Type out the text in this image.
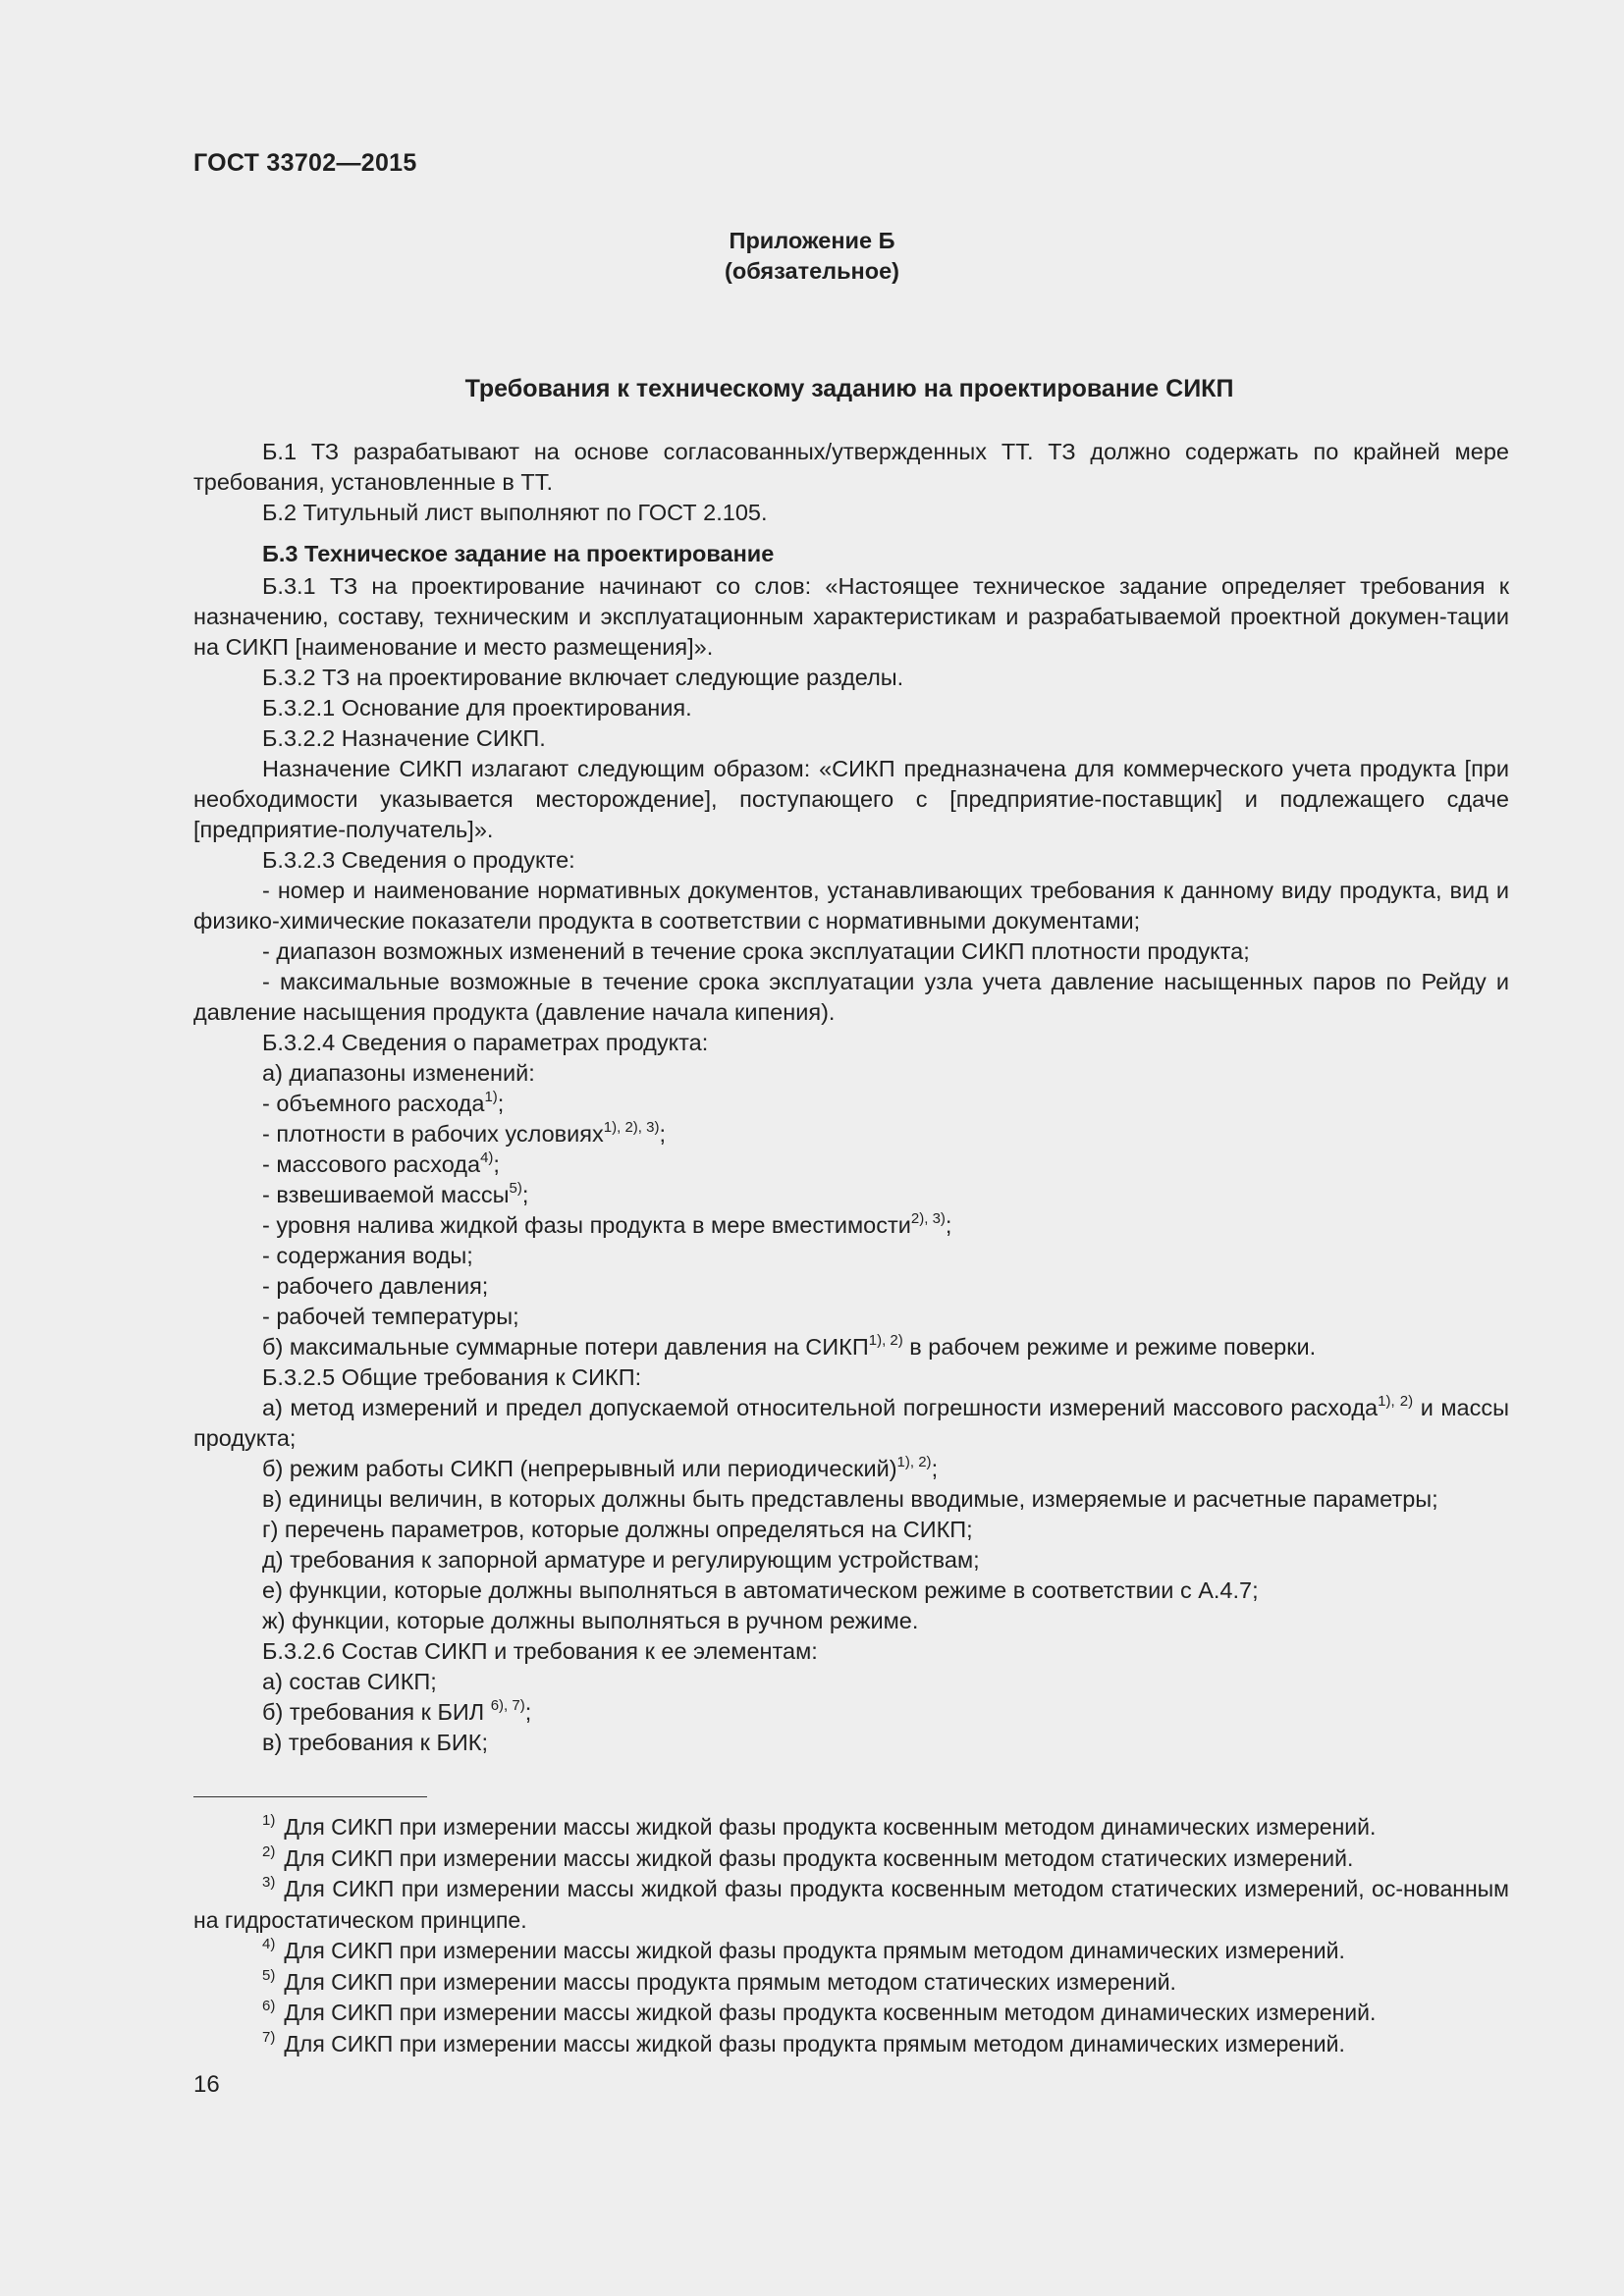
ГОСТ 33702—2015
Приложение Б
(обязательное)
Требования к техническому заданию на проектирование СИКП

Б.1 ТЗ разрабатывают на основе согласованных/утвержденных ТТ. ТЗ должно содержать по крайней мере требования, установленные в ТТ.

Б.2 Титульный лист выполняют по ГОСТ 2.105.

Б.3 Техническое задание на проектирование

Б.3.1 ТЗ на проектирование начинают со слов: «Настоящее техническое задание определяет требования к назначению, составу, техническим и эксплуатационным характеристикам и разрабатываемой проектной докумен-тации на СИКП [наименование и место размещения]».

Б.3.2 ТЗ на проектирование включает следующие разделы.

Б.3.2.1 Основание для проектирования.

Б.3.2.2 Назначение СИКП.

Назначение СИКП излагают следующим образом: «СИКП предназначена для коммерческого учета продукта [при необходимости указывается месторождение], поступающего с [предприятие-поставщик] и подлежащего сдаче [предприятие-получатель]».

Б.3.2.3 Сведения о продукте:

- номер и наименование нормативных документов, устанавливающих требования к данному виду продукта, вид и физико-химические показатели продукта в соответствии с нормативными документами;

- диапазон возможных изменений в течение срока эксплуатации СИКП плотности продукта;

- максимальные возможные в течение срока эксплуатации узла учета давление насыщенных паров по Рейду и давление насыщения продукта (давление начала кипения).

Б.3.2.4 Сведения о параметрах продукта:

а) диапазоны изменений:

- объемного расхода$^{1)}$;

- плотности в рабочих условиях$^{1), 2), 3)}$;

- массового расхода$^{4)}$;

- взвешиваемой массы$^{5)}$;

- уровня налива жидкой фазы продукта в мере вместимости$^{2), 3)}$;

- содержания воды;

- рабочего давления;

- рабочей температуры;

б) максимальные суммарные потери давления на $СИКП^{1), 2)}$ в рабочем режиме и режиме поверки.

Б.3.2.5 Общие требования к СИКП:

а) метод измерений и предел допускаемой относительной погрешности измерений массового расхода$^{1), 2)}$ и массы продукта;

б) режим работы СИКП (непрерывный или периодический)$^{1), 2)}$;

в) единицы величин, в которых должны быть представлены вводимые, измеряемые и расчетные параметры;

г) перечень параметров, которые должны определяться на СИКП;

д) требования к запорной арматуре и регулирующим устройствам;

е) функции, которые должны выполняться в автоматическом режиме в соответствии с А.4.7;

ж) функции, которые должны выполняться в ручном режиме.

Б.3.2.6 Состав СИКП и требования к ее элементам:

а) состав СИКП;

б) требования к БИЛ $^{6), 7)}$;

в) требования к БИК;

$^{1)}$ Для СИКП при измерении массы жидкой фазы продукта косвенным методом динамических измерений.

$^{2)}$ Для СИКП при измерении массы жидкой фазы продукта косвенным методом статических измерений.

$^{3)}$ Для СИКП при измерении массы жидкой фазы продукта косвенным методом статических измерений, ос-нованным на гидростатическом принципе.

$^{4)}$ Для СИКП при измерении массы жидкой фазы продукта прямым методом динамических измерений.

$^{5)}$ Для СИКП при измерении массы продукта прямым методом статических измерений.

$^{6)}$ Для СИКП при измерении массы жидкой фазы продукта косвенным методом динамических измерений.

$^{7)}$ Для СИКП при измерении массы жидкой фазы продукта прямым методом динамических измерений.

16
